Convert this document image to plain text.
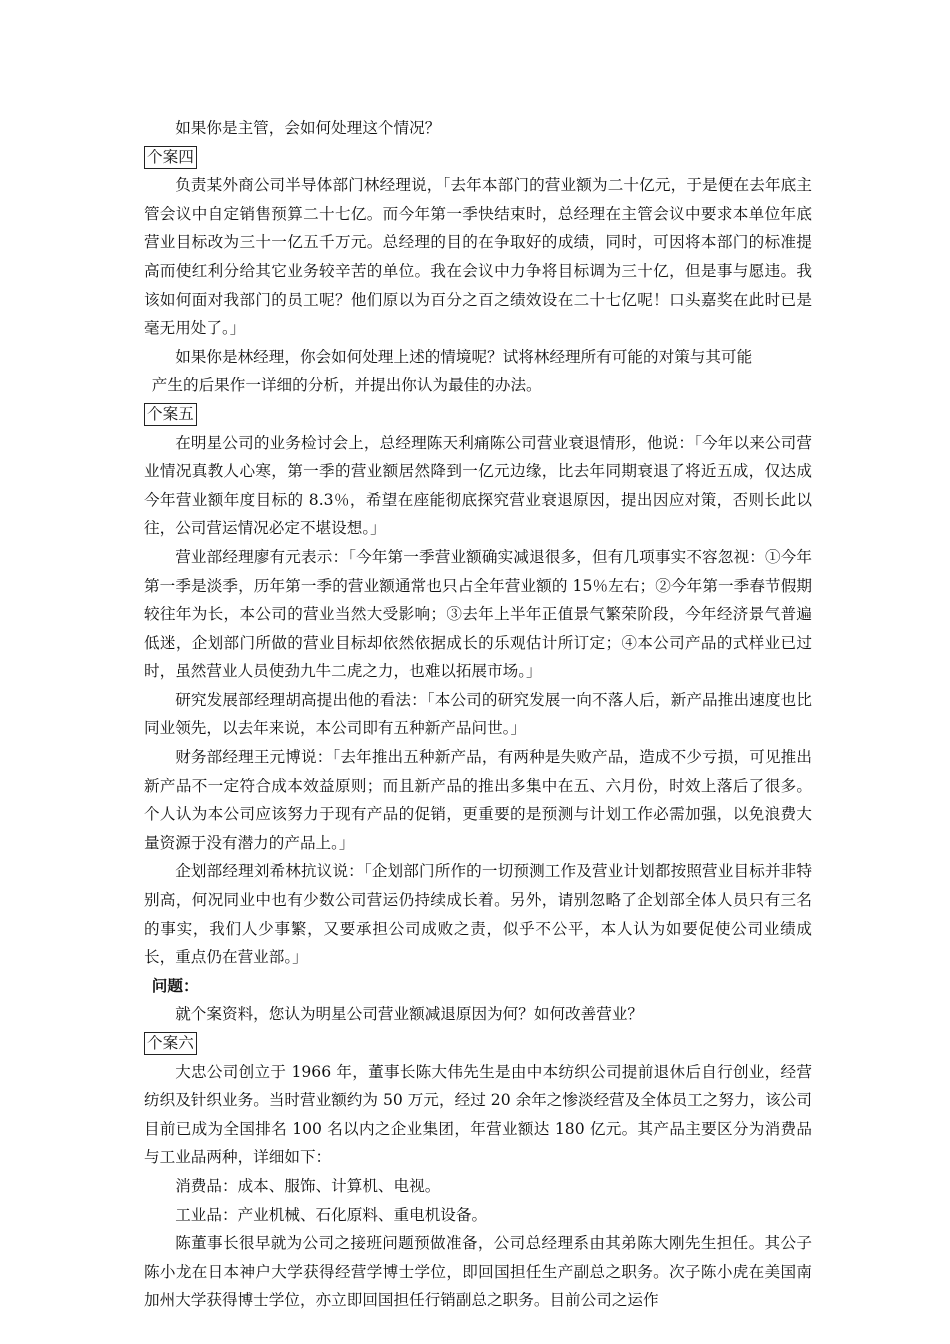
如果你是主管，会如何处理这个情况？

个案四

负责某外商公司半导体部门林经理说，「去年本部门的营业额为二十亿元，于是便在去年底主管会议中自定销售预算二十七亿。而今年第一季快结束时，总经理在主管会议中要求本单位年底营业目标改为三十一亿五千万元。总经理的目的在争取好的成绩，同时，可因将本部门的标准提高而使红利分给其它业务较辛苦的单位。我在会议中力争将目标调为三十亿，但是事与愿违。我该如何面对我部门的员工呢？他们原以为百分之百之绩效设在二十七亿呢！口头嘉奖在此时已是毫无用处了。」

如果你是林经理，你会如何处理上述的情境呢？试将林经理所有可能的对策与其可能

产生的后果作一详细的分析，并提出你认为最佳的办法。

个案五

在明星公司的业务检讨会上，总经理陈天利痛陈公司营业衰退情形，他说：「今年以来公司营业情况真教人心寒，第一季的营业额居然降到一亿元边缘，比去年同期衰退了将近五成，仅达成今年营业额年度目标的 8.3％，希望在座能彻底探究营业衰退原因，提出因应对策，否则长此以往，公司营运情况必定不堪设想。」

营业部经理廖有元表示：「今年第一季营业额确实减退很多，但有几项事实不容忽视：①今年第一季是淡季，历年第一季的营业额通常也只占全年营业额的 15％左右；②今年第一季春节假期较往年为长，本公司的营业当然大受影响；③去年上半年正值景气繁荣阶段，今年经济景气普遍低迷，企划部门所做的营业目标却依然依据成长的乐观估计所订定；④本公司产品的式样业已过时，虽然营业人员使劲九牛二虎之力，也难以拓展市场。」

研究发展部经理胡高提出他的看法：「本公司的研究发展一向不落人后，新产品推出速度也比同业领先，以去年来说，本公司即有五种新产品问世。」

财务部经理王元博说：「去年推出五种新产品，有两种是失败产品，造成不少亏损，可见推出新产品不一定符合成本效益原则；而且新产品的推出多集中在五、六月份，时效上落后了很多。个人认为本公司应该努力于现有产品的促销，更重要的是预测与计划工作必需加强，以免浪费大量资源于没有潜力的产品上。」

企划部经理刘希林抗议说：「企划部门所作的一切预测工作及营业计划都按照营业目标并非特别高，何况同业中也有少数公司营运仍持续成长着。另外，请别忽略了企划部全体人员只有三名的事实，我们人少事繁，又要承担公司成败之责，似乎不公平，本人认为如要促使公司业绩成长，重点仍在营业部。」

问题：

就个案资料，您认为明星公司营业额减退原因为何？如何改善营业？

个案六

大忠公司创立于 1966 年，董事长陈大伟先生是由中本纺织公司提前退休后自行创业，经营纺织及针织业务。当时营业额约为 50 万元，经过 20 余年之惨淡经营及全体员工之努力，该公司目前已成为全国排名 100 名以内之企业集团，年营业额达 180 亿元。其产品主要区分为消费品与工业品两种，详细如下：

消费品：成本、服饰、计算机、电视。

工业品：产业机械、石化原料、重电机设备。

陈董事长很早就为公司之接班问题预做准备，公司总经理系由其弟陈大刚先生担任。其公子陈小龙在日本神户大学获得经营学博士学位，即回国担任生产副总之职务。次子陈小虎在美国南加州大学获得博士学位，亦立即回国担任行销副总之职务。目前公司之运作
